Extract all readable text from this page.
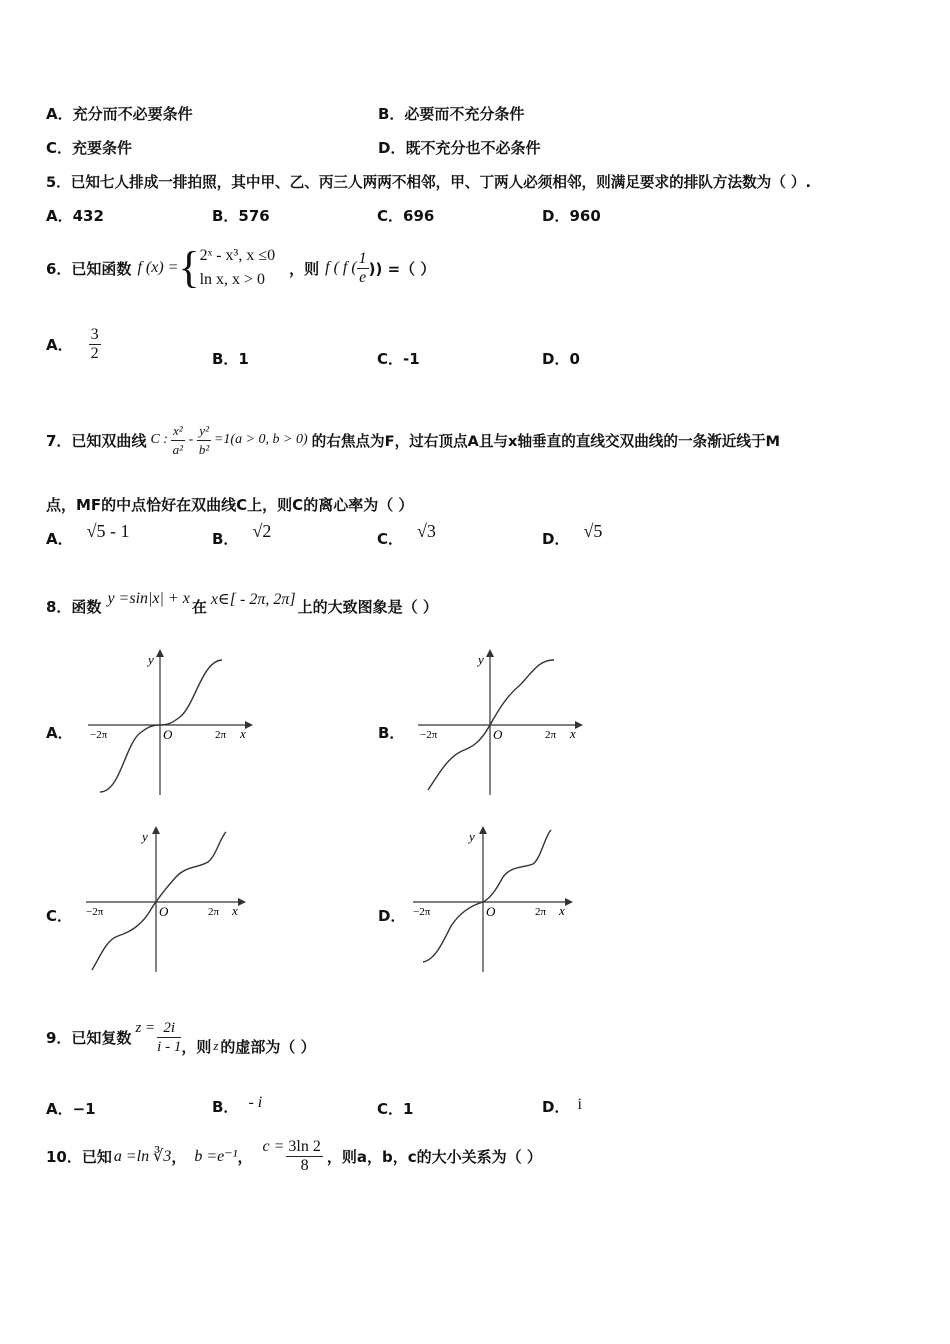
A．充分而不必要条件	B．必要而不充分条件
C．充要条件	D．既不充分也不必条件
5．已知七人排成一排拍照，其中甲、乙、丙三人两两不相邻，甲、丁两人必须相邻，则满足要求的排队方法数为（ ）.
A．432	B．576	C．696	D．960
6．已知函数 f (x) = { 2ˣ - x³, x ≤0
ln x, x > 0
，则 f ( f ( $\frac{1}{e}$ )) =（ ）
A． $\frac{3}{2}$	B．1	C．-1	D．0
7．已知双曲线 C : $\frac{\text{x²}}{\text{a²}} - \frac{\text{y²}}{\text{b²}} =1(a > 0$, b > 0) 的右焦点为F，过右顶点A且与x轴垂直的直线交双曲线的一条渐近线于M
点，MF的中点恰好在双曲线C上，则C的离心率为（ ）
A． √5 - 1	B． √2	C． √3	D． √5
8．函数 y =sin|x| + x 在 x∈[ - 2π, 2π] 上的大致图象是（ ）
A．	B．
C．	D．
y
x
O
−2π	2π
y
x
O
−2π	2π
y
x
O
−2π	2π
y
x
O
−2π	2π
9．已知复数
$z = \frac{2i}{i - 1}$ ，则 z 的虚部为（ ）
A．−1	B． - i	C．1	D． i
10．已知 a =ln ∛3 ， b =e⁻¹ ，
$c = \frac{3\ln 2}{8}$ ，则a，b，c的大小关系为（ ）
